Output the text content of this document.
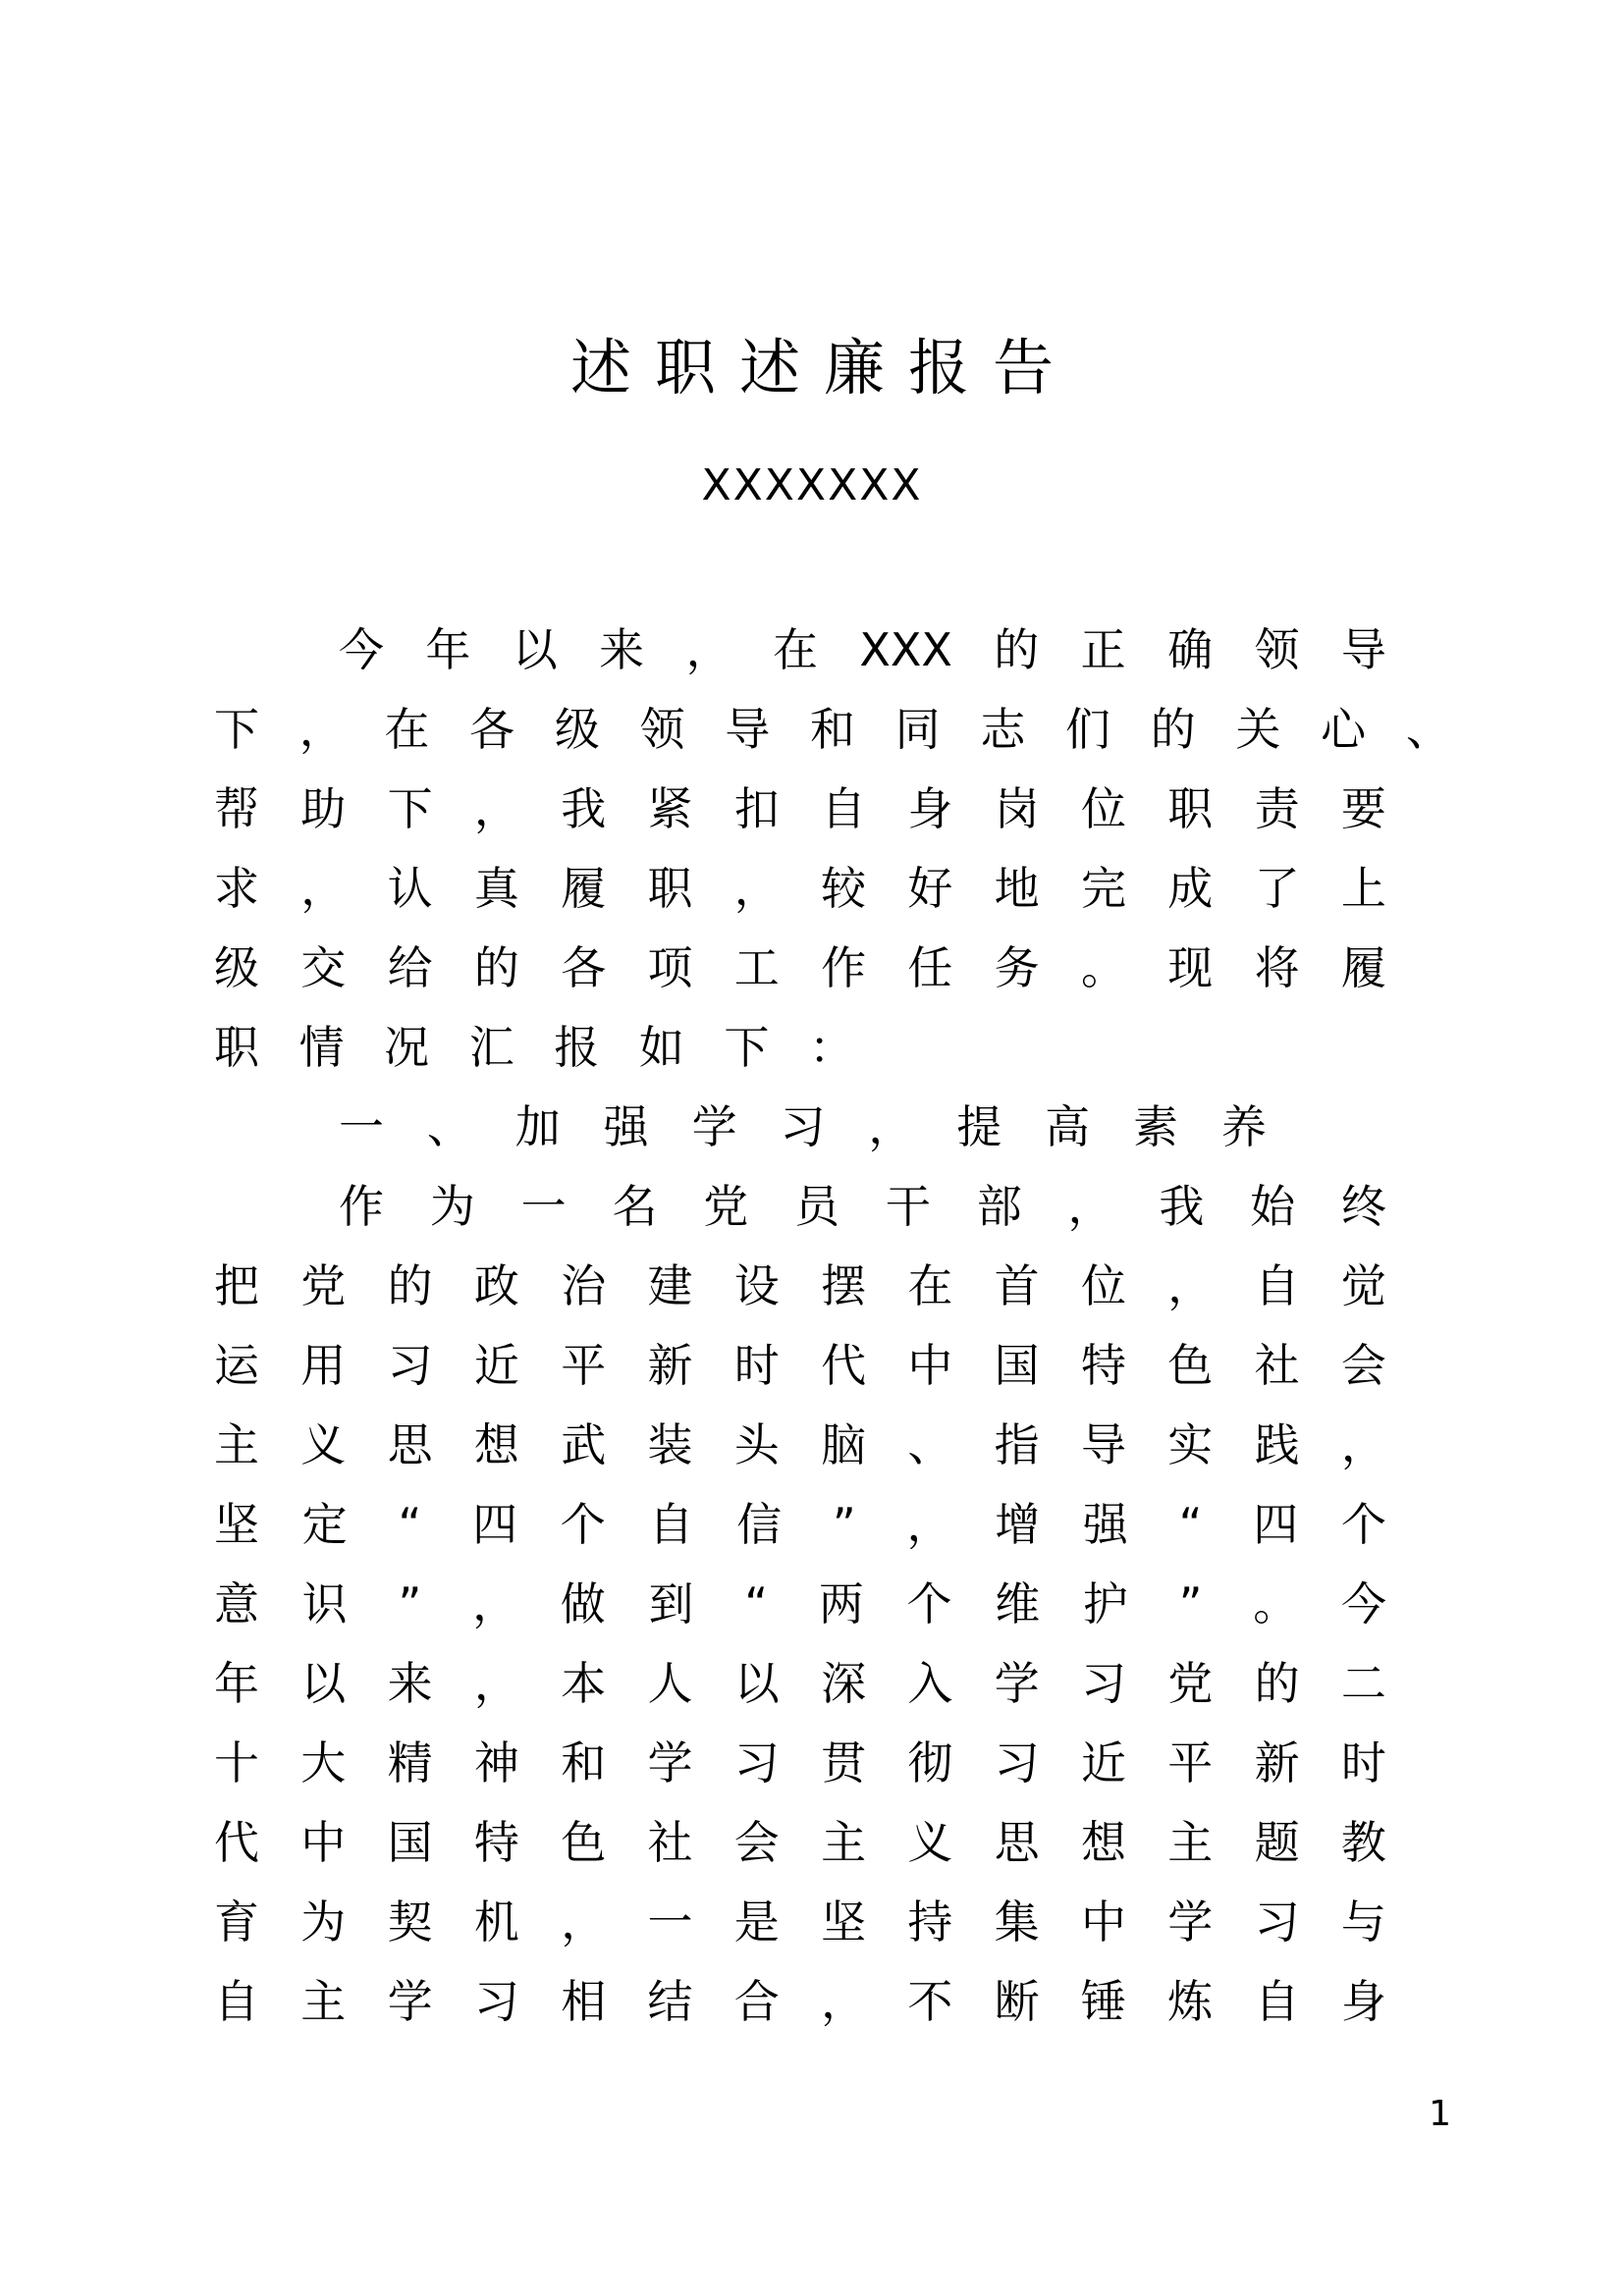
述职述廉报告
XXXXXXX
今 年 以 来 ， 在 XXX 的 正 确 领 导
下 ， 在 各 级 领 导 和 同 志 们 的 关 心 、
帮 助 下 ， 我 紧 扣 自 身 岗 位 职 责 要
求 ， 认 真 履 职 ， 较 好 地 完 成 了 上
级 交 给 的 各 项 工 作 任 务 。 现 将 履
职 情 况 汇 报 如 下 ：
一 、 加 强 学 习 ， 提 高 素 养
作 为 一 名 党 员 干 部 ， 我 始 终
把 党 的 政 治 建 设 摆 在 首 位 ， 自 觉
运 用 习 近 平 新 时 代 中 国 特 色 社 会
主 义 思 想 武 装 头 脑 、 指 导 实 践 ，
坚 定 “ 四 个 自 信 ” ， 增 强 “ 四 个
意 识 ” ， 做 到 “ 两 个 维 护 ” 。 今
年 以 来 ， 本 人 以 深 入 学 习 党 的 二
十 大 精 神 和 学 习 贯 彻 习 近 平 新 时
代 中 国 特 色 社 会 主 义 思 想 主 题 教
育 为 契 机 ， 一 是 坚 持 集 中 学 习 与
自 主 学 习 相 结 合 ， 不 断 锤 炼 自 身
1
